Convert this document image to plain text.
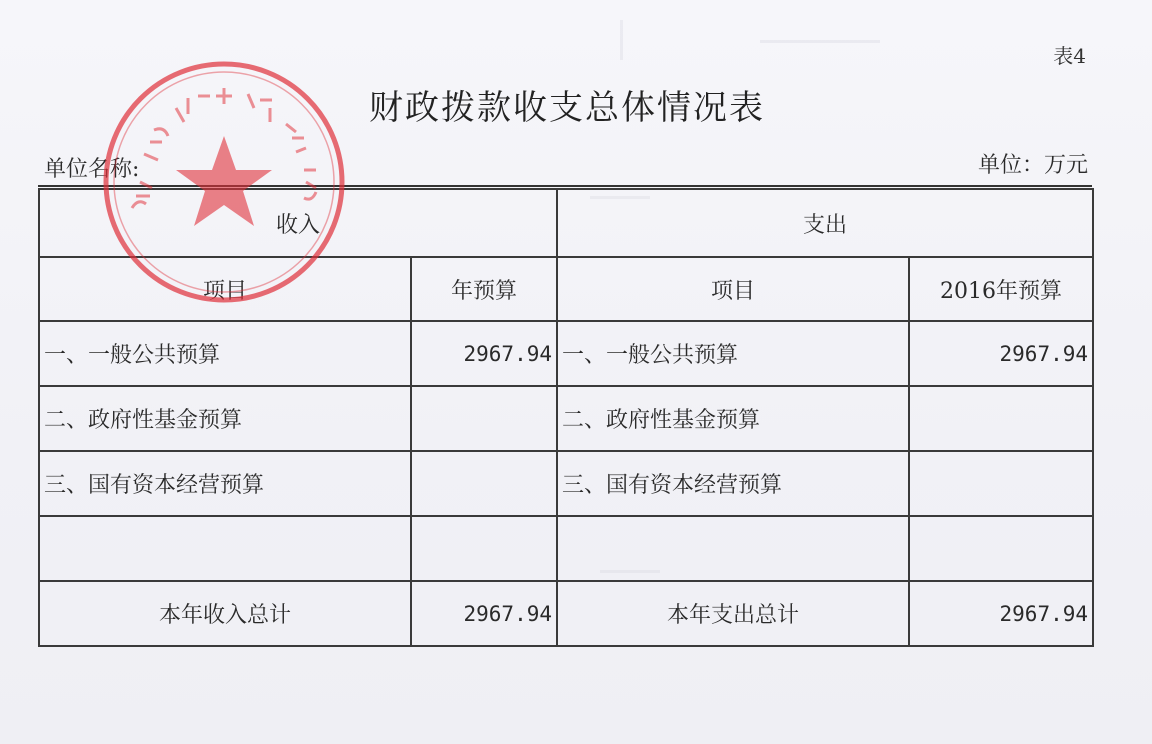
表4
财政拨款收支总体情况表
单位名称:	单位：万元
收入		支出	
项目	年预算	项目	2016年预算
一、一般公共预算	2967.94	一、一般公共预算	2967.94
二、政府性基金预算		二、政府性基金预算	
三、国有资本经营预算		三、国有资本经营预算	

本年收入总计	2967.94	本年支出总计	2967.94
